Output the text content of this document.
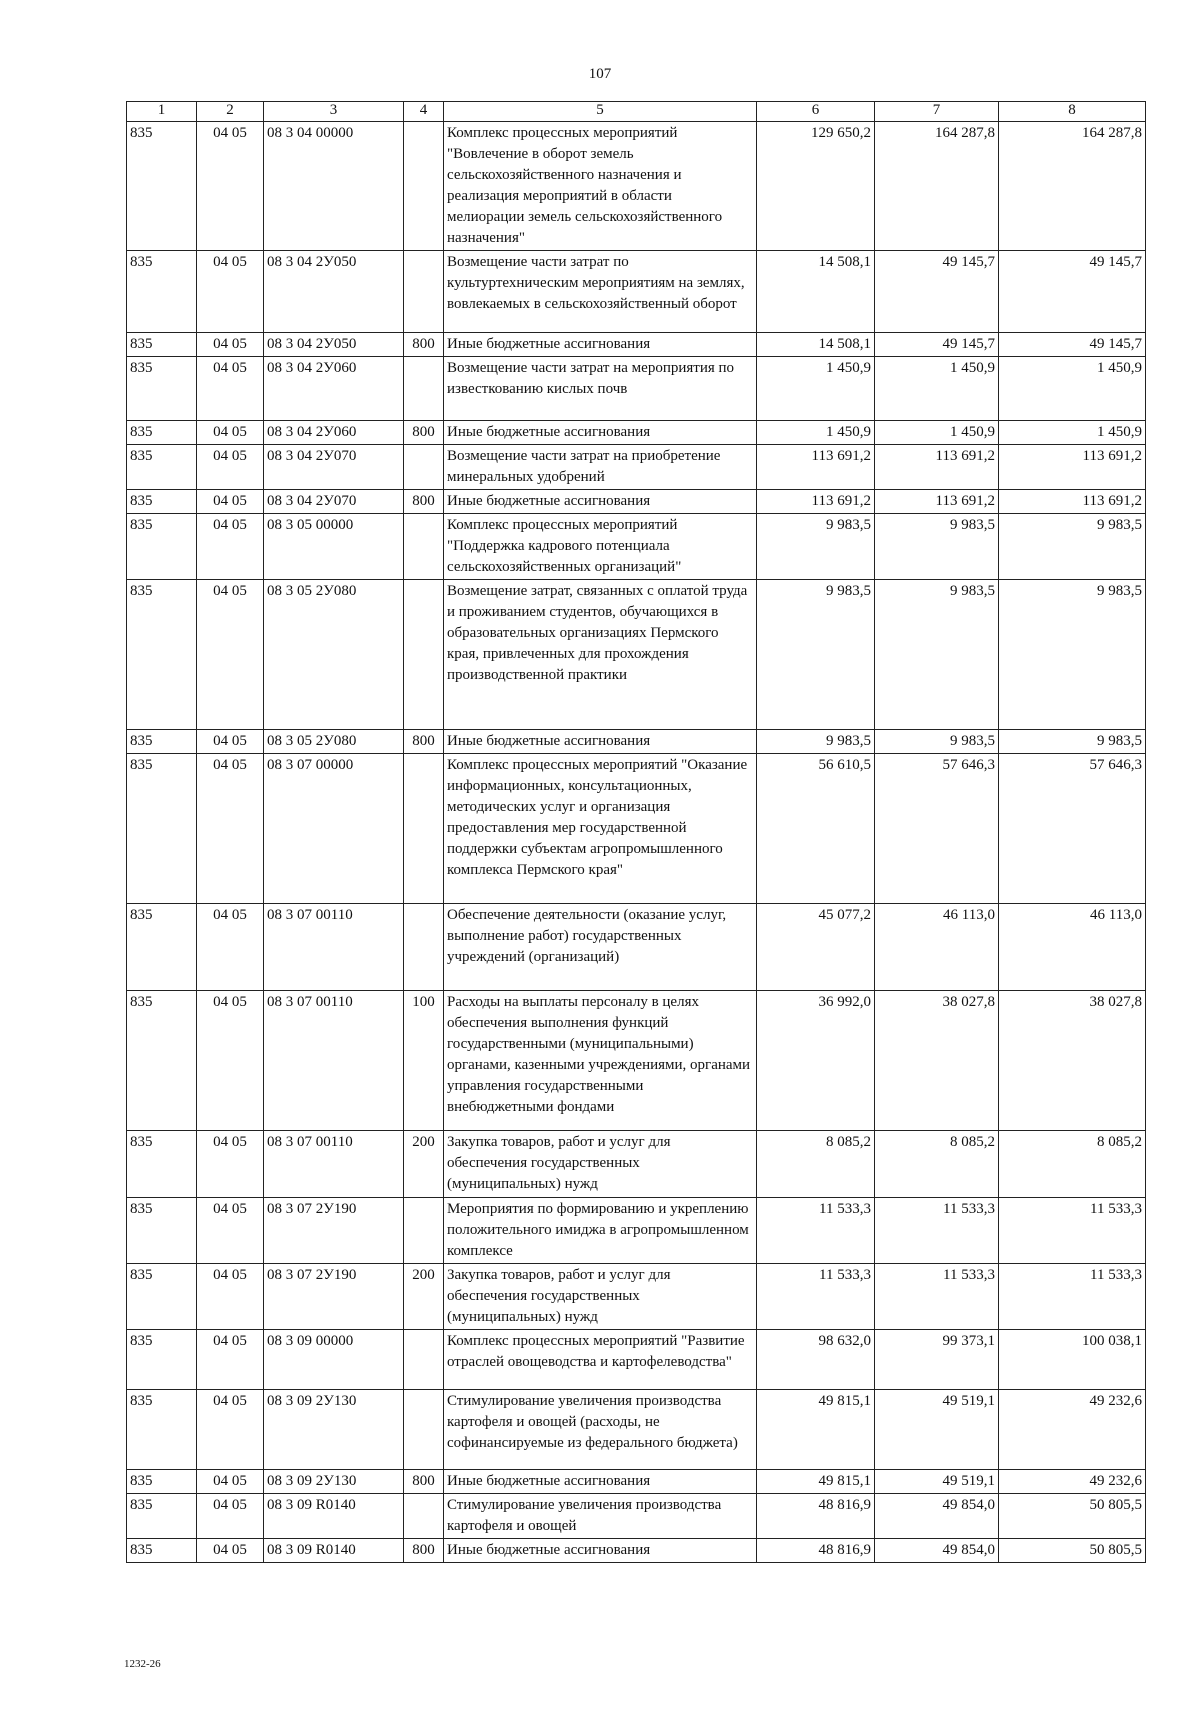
107
1	2	3	4	5	6	7	8
835	04 05	08 3 04 00000		Комплекс процессных мероприятий "Вовлечение в оборот земель сельскохозяйственного назначения и реализация мероприятий в области мелиорации земель сельскохозяйственного назначения"	129 650,2	164 287,8	164 287,8
835	04 05	08 3 04 2У050		Возмещение части затрат по культуртехническим мероприятиям на землях, вовлекаемых в сельскохозяйственный оборот	14 508,1	49 145,7	49 145,7
835	04 05	08 3 04 2У050	800	Иные бюджетные ассигнования	14 508,1	49 145,7	49 145,7
835	04 05	08 3 04 2У060		Возмещение части затрат на мероприятия по известкованию кислых почв	1 450,9	1 450,9	1 450,9
835	04 05	08 3 04 2У060	800	Иные бюджетные ассигнования	1 450,9	1 450,9	1 450,9
835	04 05	08 3 04 2У070		Возмещение части затрат на приобретение минеральных удобрений	113 691,2	113 691,2	113 691,2
835	04 05	08 3 04 2У070	800	Иные бюджетные ассигнования	113 691,2	113 691,2	113 691,2
835	04 05	08 3 05 00000		Комплекс процессных мероприятий "Поддержка кадрового потенциала сельскохозяйственных организаций"	9 983,5	9 983,5	9 983,5
835	04 05	08 3 05 2У080		Возмещение затрат, связанных с оплатой труда и проживанием студентов, обучающихся в образовательных организациях Пермского края, привлеченных для прохождения производственной практики	9 983,5	9 983,5	9 983,5
835	04 05	08 3 05 2У080	800	Иные бюджетные ассигнования	9 983,5	9 983,5	9 983,5
835	04 05	08 3 07 00000		Комплекс процессных мероприятий "Оказание информационных, консультационных, методических услуг и организация предоставления мер государственной поддержки субъектам агропромышленного комплекса Пермского края"	56 610,5	57 646,3	57 646,3
835	04 05	08 3 07 00110		Обеспечение деятельности (оказание услуг, выполнение работ) государственных учреждений (организаций)	45 077,2	46 113,0	46 113,0
835	04 05	08 3 07 00110	100	Расходы на выплаты персоналу в целях обеспечения выполнения функций государственными (муниципальными) органами, казенными учреждениями, органами управления государственными внебюджетными фондами	36 992,0	38 027,8	38 027,8
835	04 05	08 3 07 00110	200	Закупка товаров, работ и услуг для обеспечения государственных (муниципальных) нужд	8 085,2	8 085,2	8 085,2
835	04 05	08 3 07 2У190		Мероприятия по формированию и укреплению положительного имиджа в агропромышленном комплексе	11 533,3	11 533,3	11 533,3
835	04 05	08 3 07 2У190	200	Закупка товаров, работ и услуг для обеспечения государственных (муниципальных) нужд	11 533,3	11 533,3	11 533,3
835	04 05	08 3 09 00000		Комплекс процессных мероприятий "Развитие отраслей овощеводства и картофелеводства"	98 632,0	99 373,1	100 038,1
835	04 05	08 3 09 2У130		Стимулирование увеличения производства картофеля и овощей (расходы, не софинансируемые из федерального бюджета)	49 815,1	49 519,1	49 232,6
835	04 05	08 3 09 2У130	800	Иные бюджетные ассигнования	49 815,1	49 519,1	49 232,6
835	04 05	08 3 09 R0140		Стимулирование увеличения производства картофеля и овощей	48 816,9	49 854,0	50 805,5
835	04 05	08 3 09 R0140	800	Иные бюджетные ассигнования	48 816,9	49 854,0	50 805,5
1232-26
